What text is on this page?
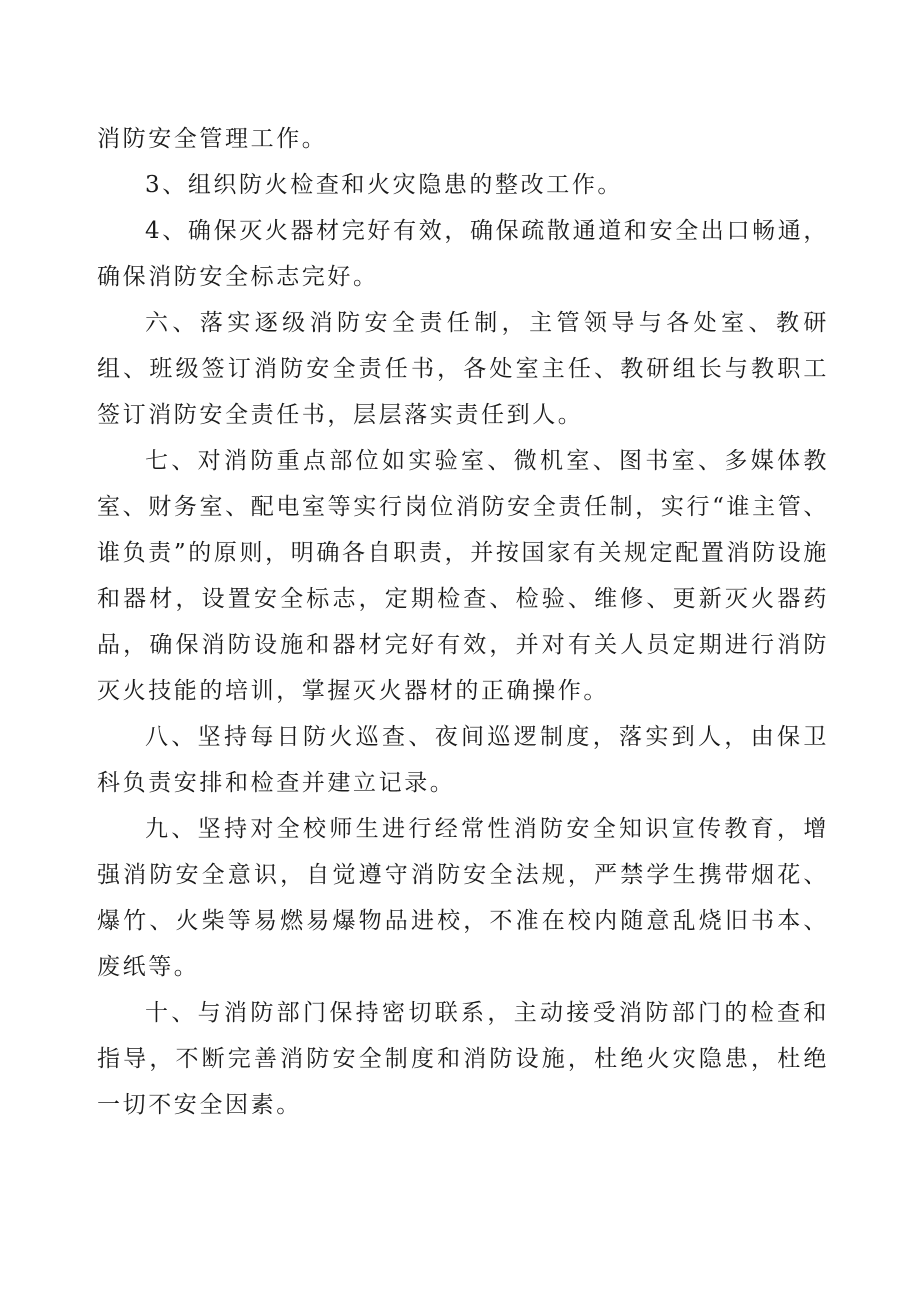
消防安全管理工作。

3、组织防火检查和火灾隐患的整改工作。

4、确保灭火器材完好有效，确保疏散通道和安全出口畅通，确保消防安全标志完好。

六、落实逐级消防安全责任制，主管领导与各处室、教研组、班级签订消防安全责任书，各处室主任、教研组长与教职工签订消防安全责任书，层层落实责任到人。

七、对消防重点部位如实验室、微机室、图书室、多媒体教室、财务室、配电室等实行岗位消防安全责任制，实行“谁主管、谁负责”的原则，明确各自职责，并按国家有关规定配置消防设施和器材，设置安全标志，定期检查、检验、维修、更新灭火器药品，确保消防设施和器材完好有效，并对有关人员定期进行消防灭火技能的培训，掌握灭火器材的正确操作。

八、坚持每日防火巡查、夜间巡逻制度，落实到人，由保卫科负责安排和检查并建立记录。

九、坚持对全校师生进行经常性消防安全知识宣传教育，增强消防安全意识，自觉遵守消防安全法规，严禁学生携带烟花、爆竹、火柴等易燃易爆物品进校，不准在校内随意乱烧旧书本、废纸等。

十、与消防部门保持密切联系，主动接受消防部门的检查和指导，不断完善消防安全制度和消防设施，杜绝火灾隐患，杜绝一切不安全因素。
